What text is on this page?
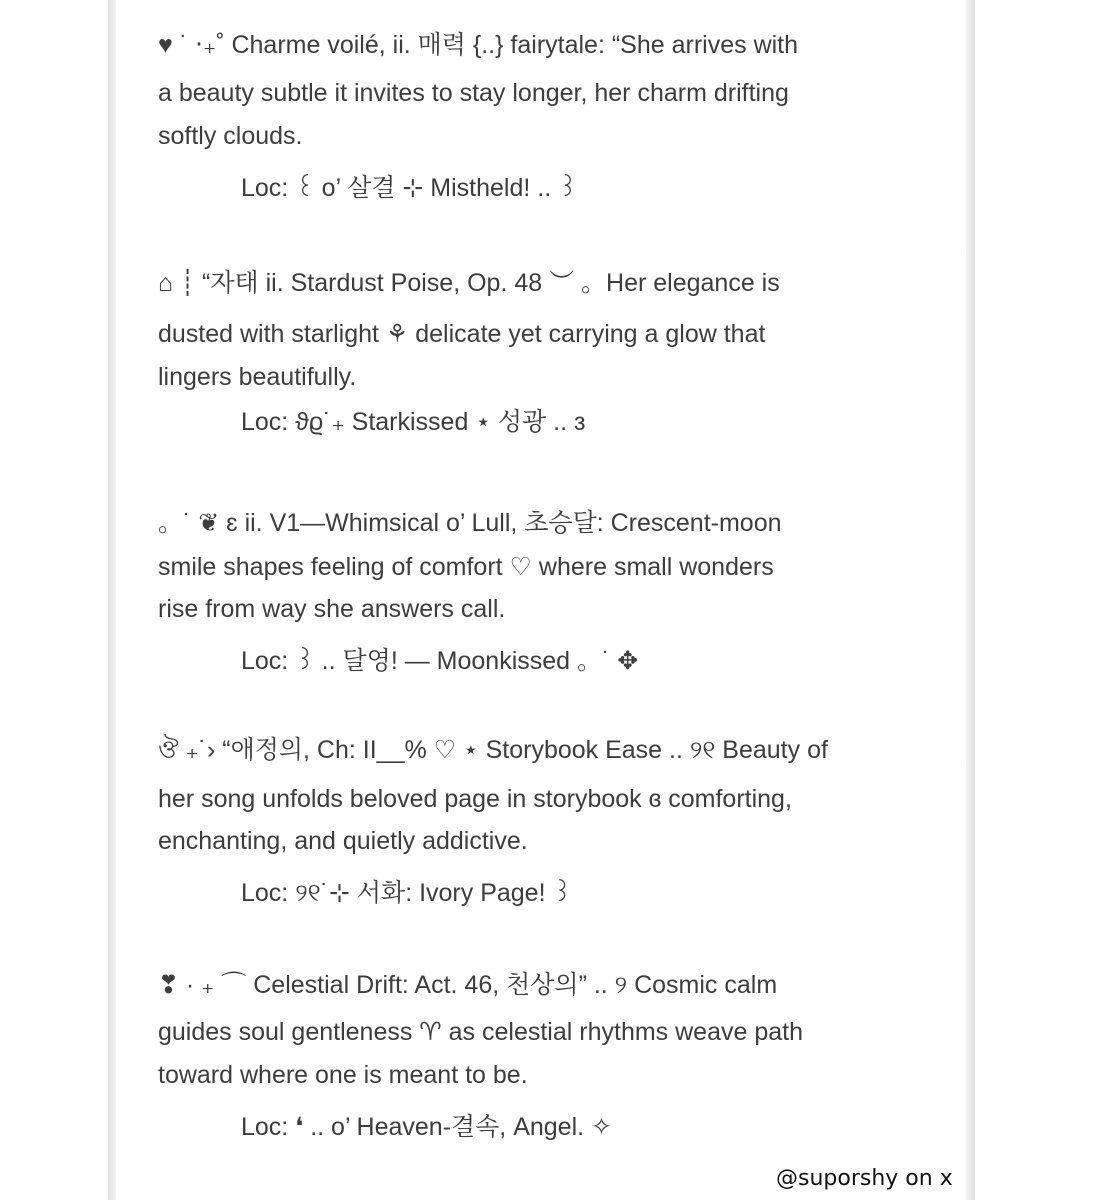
♥︎ ˙ ‧₊˚ Charme voilé, ii. 매력 {..} fairytale: “She arrives with
a beauty subtle it invites to stay longer, her charm drifting
softly clouds.
Loc: ꒰ o’ 살결 ⊹ Mistheld! .. ꒱
⌂ ┊ “자태 ii. Stardust Poise, Op. 48 ︶ 。Her elegance is
dusted with starlight ⚘ delicate yet carrying a glow that
lingers beautifully.
Loc: ϑϱ˙₊ Starkissed ⋆ 성광 .. ɜ
。˙ ❦ ɛ ii. V1—Whimsical o’ Lull, 초승달: Crescent-moon
smile shapes feeling of comfort ♡ where small wonders
rise from way she answers call.
Loc: ꒱ .. 달영! — Moonkissed 。˙ ✥
ঔ ₊˙› “애정의, Ch: II__% ♡ ⋆ Storybook Ease .. ୨୧ Beauty of
her song unfolds beloved page in storybook ɞ comforting,
enchanting, and quietly addictive.
Loc: ୨୧˙⊹ 서화: Ivory Page! ꒱
❣ · ₊ ⌒ Celestial Drift: Act. 46, 천상의” .. ୨ Cosmic calm
guides soul gentleness ♈ as celestial rhythms weave path
toward where one is meant to be.
Loc: ❛ .. o’ Heaven-결속, Angel. ✧
@suporshy on x
